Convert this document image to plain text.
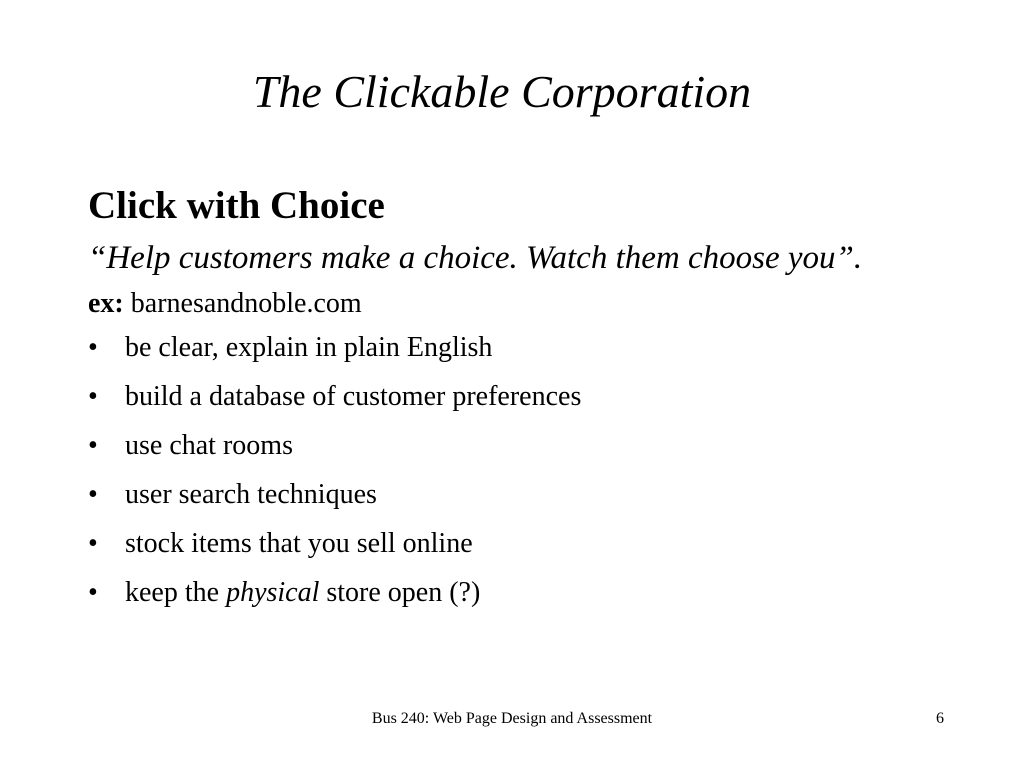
The Clickable Corporation
Click with Choice
“Help customers make a choice. Watch them choose you”.
ex: barnesandnoble.com
• be clear, explain in plain English
• build a database of customer preferences
• use chat rooms
• user search techniques
• stock items that you sell online
• keep the physical store open (?)
Bus 240: Web Page Design and Assessment	6
